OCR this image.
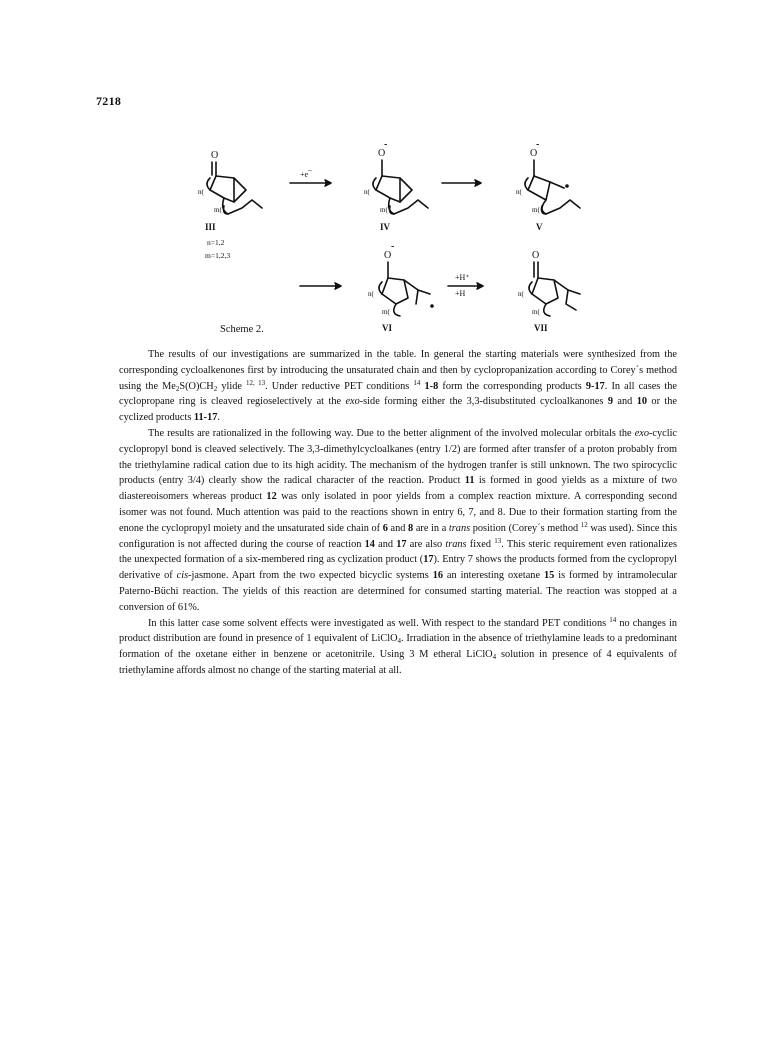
7218
O
n(
m(
III
n=1,2
m=1,2,3
+e¯
O
-
n(
m(
IV
O
-
n(
m(
V
O
-
n(
m(
VI
+H⁺
+H
O
n(
m(
VII
Scheme 2.

The results of our investigations are summarized in the table. In general the starting materials were synthesized from the corresponding cycloalkenones first by introducing the unsaturated chain and then by cyclopropanization according to Corey´s method using the $Me_2S(O)CH_2$ ylide $^{12, 13}$. Under reductive PET conditions $^{14}$ 1-8 form the corresponding products 9-17. In all cases the cyclopropane ring is cleaved regioselectively at the exo-side forming either the 3,3-disubstituted cycloalkanones 9 and 10 or the cyclized products 11-17.

The results are rationalized in the following way. Due to the better alignment of the involved molecular orbitals the exo-cyclic cyclopropyl bond is cleaved selectively. The 3,3-dimethylcycloalkanes (entry 1/2) are formed after transfer of a proton probably from the triethylamine radical cation due to its high acidity. The mechanism of the hydrogen tranfer is still unknown. The two spirocyclic products (entry 3/4) clearly show the radical character of the reaction. Product 11 is formed in good yields as a mixture of two diastereoisomers whereas product 12 was only isolated in poor yields from a complex reaction mixture. A corresponding second isomer was not found. Much attention was paid to the reactions shown in entry 6, 7, and 8. Due to their formation starting from the enone the cyclopropyl moiety and the unsaturated side chain of 6 and 8 are in a trans position (Corey´s method $^{12}$ was used). Since this configuration is not affected during the course of reaction 14 and 17 are also trans fixed $^{13}$. This steric requirement even rationalizes the unexpected formation of a six-membered ring as cyclization product (17). Entry 7 shows the products formed from the cyclopropyl derivative of cis-jasmone. Apart from the two expected bicyclic systems 16 an interesting oxetane 15 is formed by intramolecular Paterno-Büchi reaction. The yields of this reaction are determined for consumed starting material. The reaction was stopped at a conversion of 61%.

In this latter case some solvent effects were investigated as well. With respect to the standard PET conditions $^{14}$ no changes in product distribution are found in presence of 1 equivalent of LiClO$_4$. Irradiation in the absence of triethylamine leads to a predominant formation of the oxetane either in benzene or acetonitrile. Using 3 M etheral LiClO$_4$ solution in presence of 4 equivalents of triethylamine affords almost no change of the starting material at all.
